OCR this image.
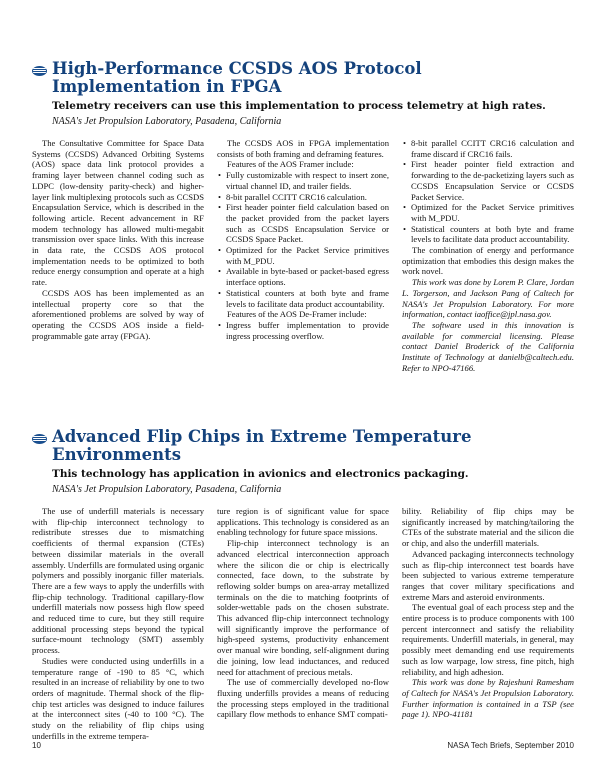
High-Performance CCSDS AOS Protocol Implementation in FPGA
Telemetry receivers can use this implementation to process telemetry at high rates.
NASA's Jet Propulsion Laboratory, Pasadena, California

The Consultative Committee for Space Data Systems (CCSDS) Advanced Orbiting Systems (AOS) space data link protocol provides a framing layer between channel coding such as LDPC (low-density parity-check) and higher-layer link multiplexing protocols such as CCSDS Encapsulation Service, which is described in the following article. Recent advancement in RF modem technology has allowed multi-megabit transmission over space links. With this increase in data rate, the CCSDS AOS protocol implementation needs to be optimized to both reduce energy consumption and operate at a high rate.

CCSDS AOS has been implemented as an intellectual property core so that the aforementioned problems are solved by way of operating the CCSDS AOS inside a field-programmable gate array (FPGA).

The CCSDS AOS in FPGA implementation consists of both framing and deframing features.

Features of the AOS Framer include:

• Fully customizable with respect to insert zone, virtual channel ID, and trailer fields.
• 8-bit parallel CCITT CRC16 calculation.
• First header pointer field calculation based on the packet provided from the packet layers such as CCSDS Encapsulation Service or CCSDS Space Packet.
• Optimized for the Packet Service primitives with M_PDU.
• Available in byte-based or packet-based egress interface options.
• Statistical counters at both byte and frame levels to facilitate data product accountability.

Features of the AOS De-Framer include:

• Ingress buffer implementation to provide ingress processing overflow.
• 8-bit parallel CCITT CRC16 calculation and frame discard if CRC16 fails.
• First header pointer field extraction and forwarding to the de-packetizing layers such as CCSDS Encapsulation Service or CCSDS Packet Service.
• Optimized for the Packet Service primitives with M_PDU.
• Statistical counters at both byte and frame levels to facilitate data product accountability.

The combination of energy and performance optimization that embodies this design makes the work novel.

This work was done by Lorem P. Clare, Jordan L. Torgerson, and Jackson Pang of Caltech for NASA's Jet Propulsion Laboratory. For more information, contact iaoffice@jpl.nasa.gov.

The software used in this innovation is available for commercial licensing. Please contact Daniel Broderick of the California Institute of Technology at danielb@caltech.edu. Refer to NPO-47166.

Advanced Flip Chips in Extreme Temperature Environments
This technology has application in avionics and electronics packaging.
NASA's Jet Propulsion Laboratory, Pasadena, California

The use of underfill materials is necessary with flip-chip interconnect technology to redistribute stresses due to mismatching coefficients of thermal expansion (CTEs) between dissimilar materials in the overall assembly. Underfills are formulated using organic polymers and possibly inorganic filler materials. There are a few ways to apply the underfills with flip-chip technology. Traditional capillary-flow underfill materials now possess high flow speed and reduced time to cure, but they still require additional processing steps beyond the typical surface-mount technology (SMT) assembly process.

Studies were conducted using underfills in a temperature range of -190 to 85 °C, which resulted in an increase of reliability by one to two orders of magnitude. Thermal shock of the flip-chip test articles was designed to induce failures at the interconnect sites (-40 to 100 °C). The study on the reliability of flip chips using underfills in the extreme tempera-

ture region is of significant value for space applications. This technology is considered as an enabling technology for future space missions.

Flip-chip interconnect technology is an advanced electrical interconnection approach where the silicon die or chip is electrically connected, face down, to the substrate by reflowing solder bumps on area-array metallized terminals on the die to matching footprints of solder-wettable pads on the chosen substrate. This advanced flip-chip interconnect technology will significantly improve the performance of high-speed systems, productivity enhancement over manual wire bonding, self-alignment during die joining, low lead inductances, and reduced need for attachment of precious metals.

The use of commercially developed no-flow fluxing underfills provides a means of reducing the processing steps employed in the traditional capillary flow methods to enhance SMT compati-

bility. Reliability of flip chips may be significantly increased by matching/tailoring the CTEs of the substrate material and the silicon die or chip, and also the underfill materials.

Advanced packaging interconnects technology such as flip-chip interconnect test boards have been subjected to various extreme temperature ranges that cover military specifications and extreme Mars and asteroid environments.

The eventual goal of each process step and the entire process is to produce components with 100 percent interconnect and satisfy the reliability requirements. Underfill materials, in general, may possibly meet demanding end use requirements such as low warpage, low stress, fine pitch, high reliability, and high adhesion.

This work was done by Rajeshuni Ramesham of Caltech for NASA's Jet Propulsion Laboratory. Further information is contained in a TSP (see page 1). NPO-41181

10	NASA Tech Briefs, September 2010
